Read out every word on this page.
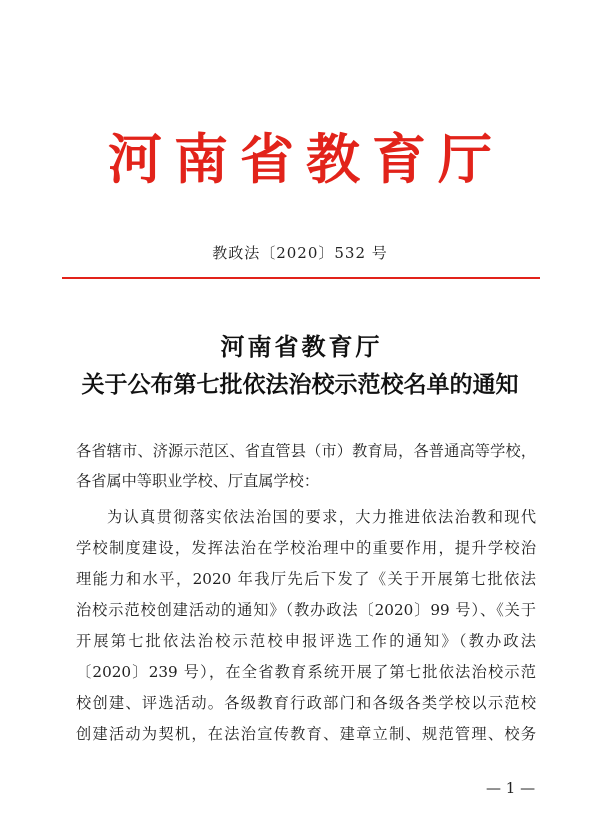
河南省教育厅
教政法〔2020〕532 号
河南省教育厅
关于公布第七批依法治校示范校名单的通知
各省辖市、济源示范区、省直管县（市）教育局，各普通高等学校，
各省属中等职业学校、厅直属学校：
为认真贯彻落实依法治国的要求，大力推进依法治教和现代
学校制度建设，发挥法治在学校治理中的重要作用，提升学校治
理能力和水平，2020 年我厅先后下发了《关于开展第七批依法
治校示范校创建活动的通知》（教办政法〔2020〕99 号）、《关于
开展第七批依法治校示范校申报评选工作的通知》（教办政法
〔2020〕239 号），在全省教育系统开展了第七批依法治校示范
校创建、评选活动。各级教育行政部门和各级各类学校以示范校
创建活动为契机，在法治宣传教育、建章立制、规范管理、校务
— 1 —
